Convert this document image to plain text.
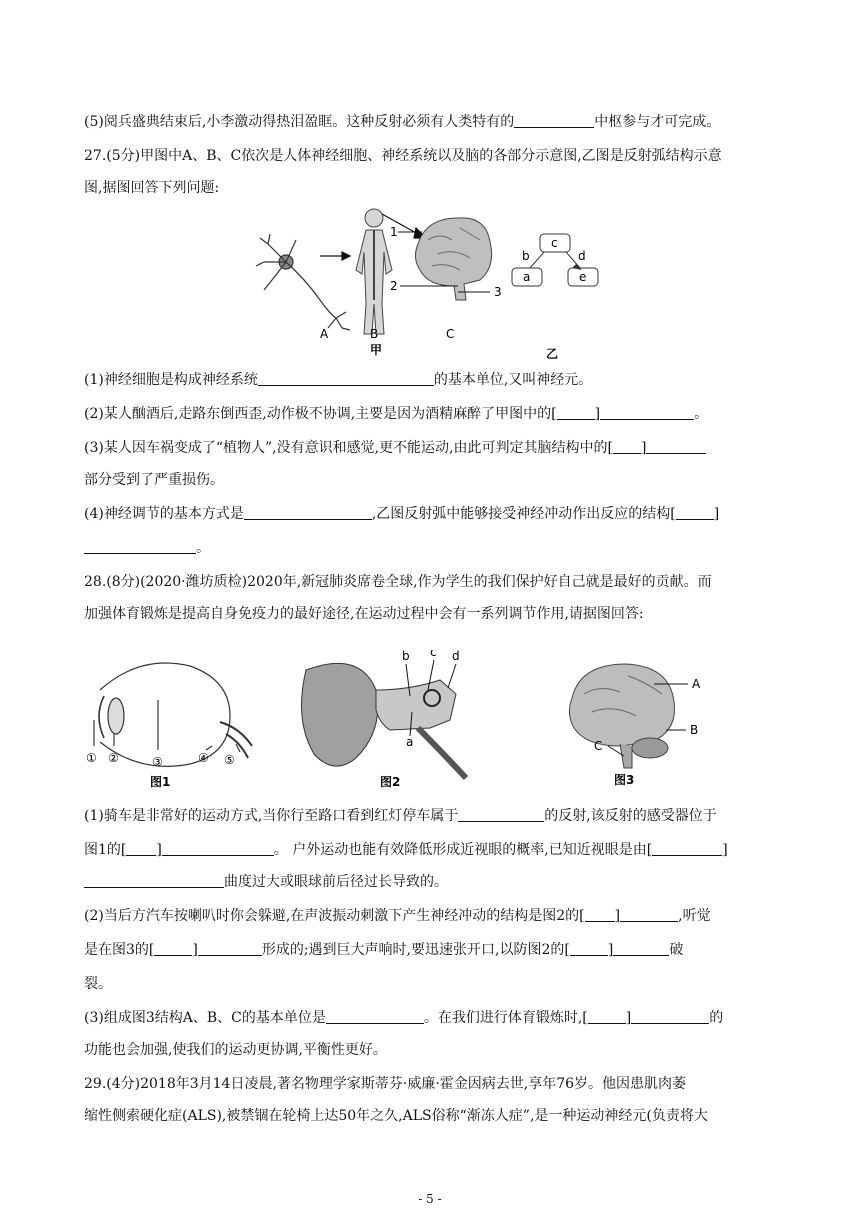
(5)阅兵盛典结束后,小李激动得热泪盈眶。这种反射必须有人类特有的	中枢参与才可完成。
27.(5分)甲图中A、B、C依次是人体神经细胞、神经系统以及脑的各部分示意图,乙图是反射弧结构示意
图,据图回答下列问题:
1
2	3
c
a	e
b	d
A	B	C
甲	乙
(1)神经细胞是构成神经系统	的基本单位,又叫神经元。
(2)某人酗酒后,走路东倒西歪,动作极不协调,主要是因为酒精麻醉了甲图中的[	]	。
(3)某人因车祸变成了“植物人”,没有意识和感觉,更不能运动,由此可判定其脑结构中的[ ]
部分受到了严重损伤。
(4)神经调节的基本方式是	,乙图反射弧中能够接受神经冲动作出反应的结构[	]
。
28.(8分)(2020·潍坊质检)2020年,新冠肺炎席卷全球,作为学生的我们保护好自己就是最好的贡献。而
加强体育锻炼是提高自身免疫力的最好途径,在运动过程中会有一系列调节作用,请据图回答:
① ②	③	④ ⑤
图1
b c d
a
图2
A
B
C
图3
(1)骑车是非常好的运动方式,当你行至路口看到红灯停车属于	的反射,该反射的感受器位于
图1的[ ]	。 户外运动也能有效降低形成近视眼的概率,已知近视眼是由[	]
曲度过大或眼球前后径过长导致的。
(2)当后方汽车按喇叭时你会躲避,在声波振动刺激下产生神经冲动的结构是图2的[ ]	,听觉
是在图3的[	]	形成的;遇到巨大声响时,要迅速张开口,以防图2的[	]	破
裂。
(3)组成图3结构A、B、C的基本单位是	。在我们进行体育锻炼时,[	]	的
功能也会加强,使我们的运动更协调,平衡性更好。
29.(4分)2018年3月14日凌晨,著名物理学家斯蒂芬·威廉·霍金因病去世,享年76岁。他因患肌肉萎
缩性侧索硬化症(ALS),被禁锢在轮椅上达50年之久,ALS俗称“渐冻人症”,是一种运动神经元(负责将大
- 5 -
